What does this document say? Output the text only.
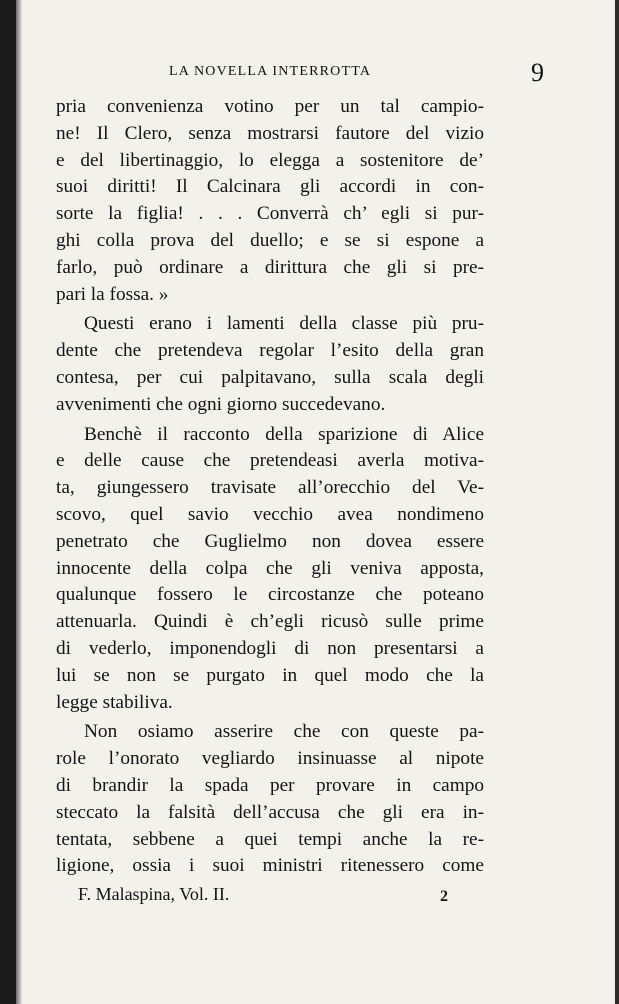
LA NOVELLA INTERROTTA	9
pria convenienza votino per un tal campio-
ne! Il Clero, senza mostrarsi fautore del vizio
e del libertinaggio, lo elegga a sostenitore de’
suoi diritti! Il Calcinara gli accordi in con-
sorte la figlia! . . . Converrà ch’ egli si pur-
ghi colla prova del duello; e se si espone a
farlo, può ordinare a dirittura che gli si pre-
pari la fossa. »
Questi erano i lamenti della classe più pru-
dente che pretendeva regolar l’esito della gran
contesa, per cui palpitavano, sulla scala degli
avvenimenti che ogni giorno succedevano.
Benchè il racconto della sparizione di Alice
e delle cause che pretendeasi averla motiva-
ta, giungessero travisate all’orecchio del Ve-
scovo, quel savio vecchio avea nondimeno
penetrato che Guglielmo non dovea essere
innocente della colpa che gli veniva apposta,
qualunque fossero le circostanze che poteano
attenuarla. Quindi è ch’egli ricusò sulle prime
di vederlo, imponendogli di non presentarsi a
lui se non se purgato in quel modo che la
legge stabiliva.
Non osiamo asserire che con queste pa-
role l’onorato vegliardo insinuasse al nipote
di brandir la spada per provare in campo
steccato la falsità dell’accusa che gli era in-
tentata, sebbene a quei tempi anche la re-
ligione, ossia i suoi ministri ritenessero come
F. Malaspina, Vol. II.	2
